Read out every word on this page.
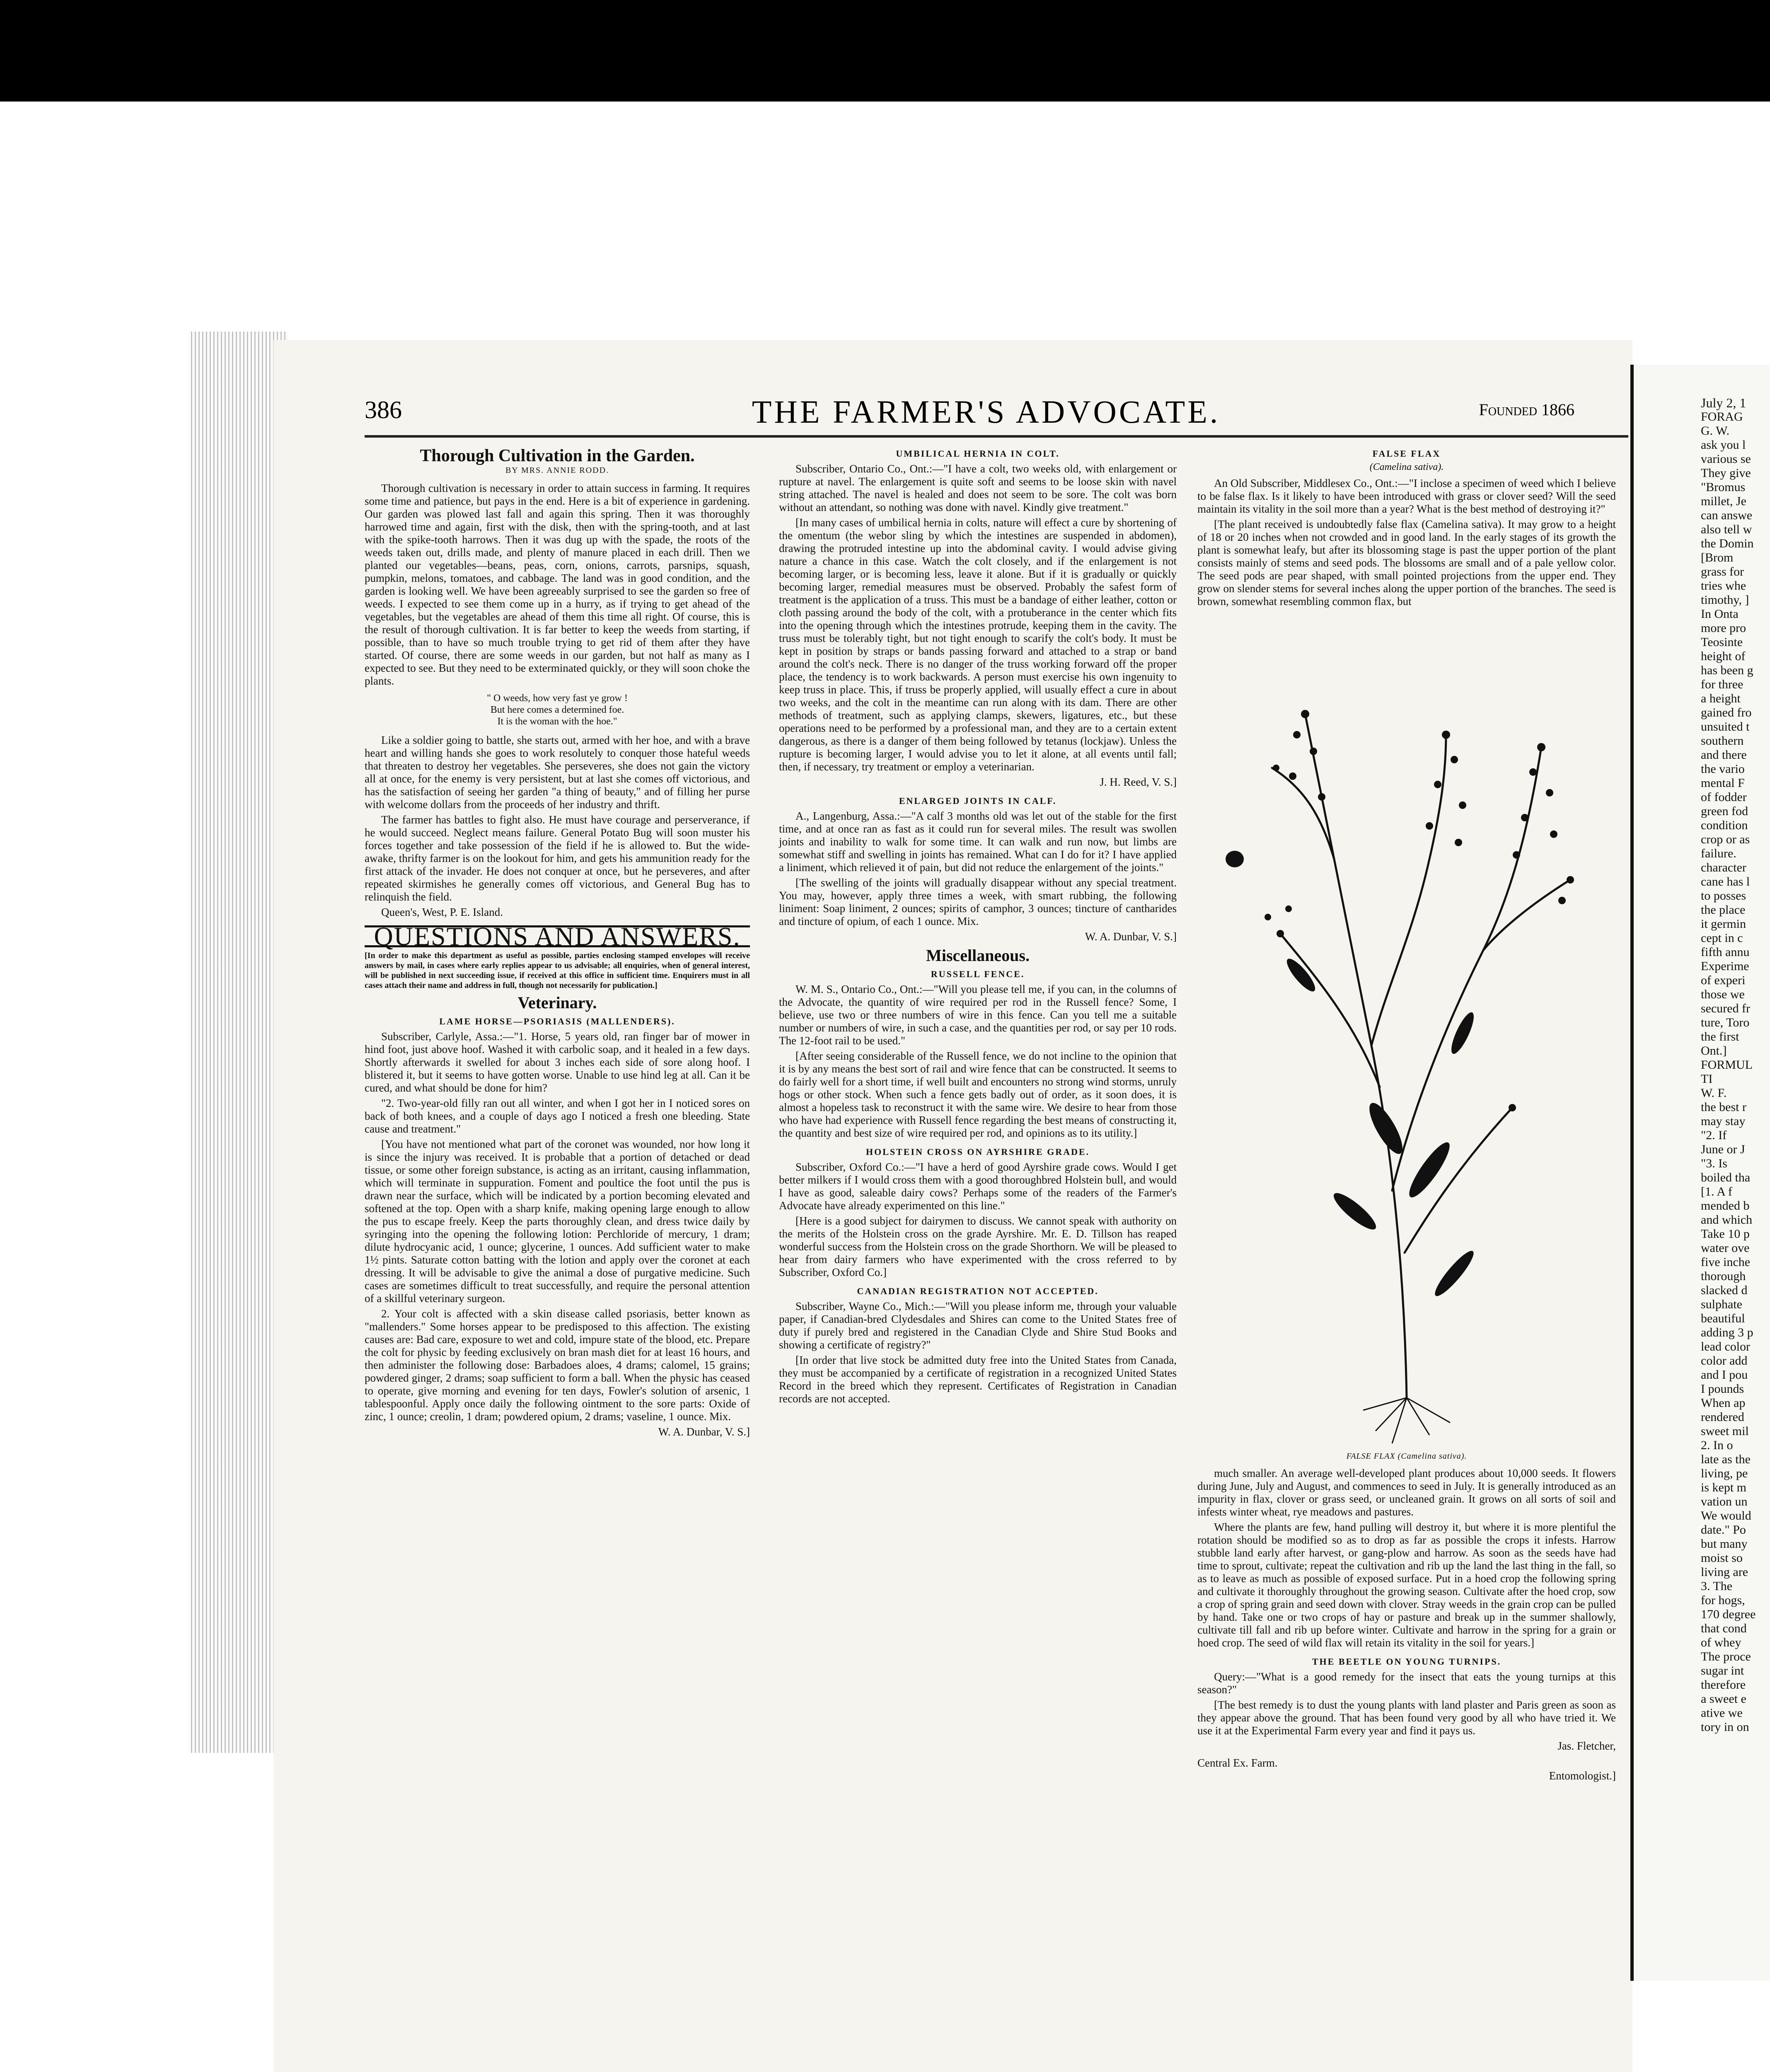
386	THE FARMER'S ADVOCATE.	Founded 1866
Thorough Cultivation in the Garden.
BY MRS. ANNIE RODD.

Thorough cultivation is necessary in order to attain success in farming. It requires some time and patience, but pays in the end. Here is a bit of experience in gardening. Our garden was plowed last fall and again this spring. Then it was thoroughly harrowed time and again, first with the disk, then with the spring-tooth, and at last with the spike-tooth harrows. Then it was dug up with the spade, the roots of the weeds taken out, drills made, and plenty of manure placed in each drill. Then we planted our vegetables—beans, peas, corn, onions, carrots, parsnips, squash, pumpkin, melons, tomatoes, and cabbage. The land was in good condition, and the garden is looking well. We have been agreeably surprised to see the garden so free of weeds. I expected to see them come up in a hurry, as if trying to get ahead of the vegetables, but the vegetables are ahead of them this time all right. Of course, this is the result of thorough cultivation. It is far better to keep the weeds from starting, if possible, than to have so much trouble trying to get rid of them after they have started. Of course, there are some weeds in our garden, but not half as many as I expected to see. But they need to be exterminated quickly, or they will soon choke the plants.

" O weeds, how very fast ye grow !
But here comes a determined foe.
It is the woman with the hoe."

Like a soldier going to battle, she starts out, armed with her hoe, and with a brave heart and willing hands she goes to work resolutely to conquer those hateful weeds that threaten to destroy her vegetables. She perseveres, she does not gain the victory all at once, for the enemy is very persistent, but at last she comes off victorious, and has the satisfaction of seeing her garden "a thing of beauty," and of filling her purse with welcome dollars from the proceeds of her industry and thrift.

The farmer has battles to fight also. He must have courage and perserverance, if he would succeed. Neglect means failure. General Potato Bug will soon muster his forces together and take possession of the field if he is allowed to. But the wide-awake, thrifty farmer is on the lookout for him, and gets his ammunition ready for the first attack of the invader. He does not conquer at once, but he perseveres, and after repeated skirmishes he generally comes off victorious, and General Bug has to relinquish the field.

Queen's, West, P. E. Island.

QUESTIONS AND ANSWERS.
[In order to make this department as useful as possible, parties enclosing stamped envelopes will receive answers by mail, in cases where early replies appear to us advisable; all enquiries, when of general interest, will be published in next succeeding issue, if received at this office in sufficient time. Enquirers must in all cases attach their name and address in full, though not necessarily for publication.]
Veterinary.
LAME HORSE—PSORIASIS (MALLENDERS).

Subscriber, Carlyle, Assa.:—"1. Horse, 5 years old, ran finger bar of mower in hind foot, just above hoof. Washed it with carbolic soap, and it healed in a few days. Shortly afterwards it swelled for about 3 inches each side of sore along hoof. I blistered it, but it seems to have gotten worse. Unable to use hind leg at all. Can it be cured, and what should be done for him?

"2. Two-year-old filly ran out all winter, and when I got her in I noticed sores on back of both knees, and a couple of days ago I noticed a fresh one bleeding. State cause and treatment."

[You have not mentioned what part of the coronet was wounded, nor how long it is since the injury was received. It is probable that a portion of detached or dead tissue, or some other foreign substance, is acting as an irritant, causing inflammation, which will terminate in suppuration. Foment and poultice the foot until the pus is drawn near the surface, which will be indicated by a portion becoming elevated and softened at the top. Open with a sharp knife, making opening large enough to allow the pus to escape freely. Keep the parts thoroughly clean, and dress twice daily by syringing into the opening the following lotion: Perchloride of mercury, 1 dram; dilute hydrocyanic acid, 1 ounce; glycerine, 1 ounces. Add sufficient water to make 1½ pints. Saturate cotton batting with the lotion and apply over the coronet at each dressing. It will be advisable to give the animal a dose of purgative medicine. Such cases are sometimes difficult to treat successfully, and require the personal attention of a skillful veterinary surgeon.

2. Your colt is affected with a skin disease called psoriasis, better known as "mallenders." Some horses appear to be predisposed to this affection. The existing causes are: Bad care, exposure to wet and cold, impure state of the blood, etc. Prepare the colt for physic by feeding exclusively on bran mash diet for at least 16 hours, and then administer the following dose: Barbadoes aloes, 4 drams; calomel, 15 grains; powdered ginger, 2 drams; soap sufficient to form a ball. When the physic has ceased to operate, give morning and evening for ten days, Fowler's solution of arsenic, 1 tablespoonful. Apply once daily the following ointment to the sore parts: Oxide of zinc, 1 ounce; creolin, 1 dram; powdered opium, 2 drams; vaseline, 1 ounce. Mix.

W. A. Dunbar, V. S.]
UMBILICAL HERNIA IN COLT.

Subscriber, Ontario Co., Ont.:—"I have a colt, two weeks old, with enlargement or rupture at navel. The enlargement is quite soft and seems to be loose skin with navel string attached. The navel is healed and does not seem to be sore. The colt was born without an attendant, so nothing was done with navel. Kindly give treatment."

[In many cases of umbilical hernia in colts, nature will effect a cure by shortening of the omentum (the webor sling by which the intestines are suspended in abdomen), drawing the protruded intestine up into the abdominal cavity. I would advise giving nature a chance in this case. Watch the colt closely, and if the enlargement is not becoming larger, or is becoming less, leave it alone. But if it is gradually or quickly becoming larger, remedial measures must be observed. Probably the safest form of treatment is the application of a truss. This must be a bandage of either leather, cotton or cloth passing around the body of the colt, with a protuberance in the center which fits into the opening through which the intestines protrude, keeping them in the cavity. The truss must be tolerably tight, but not tight enough to scarify the colt's body. It must be kept in position by straps or bands passing forward and attached to a strap or band around the colt's neck. There is no danger of the truss working forward off the proper place, the tendency is to work backwards. A person must exercise his own ingenuity to keep truss in place. This, if truss be properly applied, will usually effect a cure in about two weeks, and the colt in the meantime can run along with its dam. There are other methods of treatment, such as applying clamps, skewers, ligatures, etc., but these operations need to be performed by a professional man, and they are to a certain extent dangerous, as there is a danger of them being followed by tetanus (lockjaw). Unless the rupture is becoming larger, I would advise you to let it alone, at all events until fall; then, if necessary, try treatment or employ a veterinarian.

J. H. Reed, V. S.]
ENLARGED JOINTS IN CALF.

A., Langenburg, Assa.:—"A calf 3 months old was let out of the stable for the first time, and at once ran as fast as it could run for several miles. The result was swollen joints and inability to walk for some time. It can walk and run now, but limbs are somewhat stiff and swelling in joints has remained. What can I do for it? I have applied a liniment, which relieved it of pain, but did not reduce the enlargement of the joints."

[The swelling of the joints will gradually disappear without any special treatment. You may, however, apply three times a week, with smart rubbing, the following liniment: Soap liniment, 2 ounces; spirits of camphor, 3 ounces; tincture of cantharides and tincture of opium, of each 1 ounce. Mix.

W. A. Dunbar, V. S.]
Miscellaneous.
RUSSELL FENCE.

W. M. S., Ontario Co., Ont.:—"Will you please tell me, if you can, in the columns of the Advocate, the quantity of wire required per rod in the Russell fence? Some, I believe, use two or three numbers of wire in this fence. Can you tell me a suitable number or numbers of wire, in such a case, and the quantities per rod, or say per 10 rods. The 12-foot rail to be used."

[After seeing considerable of the Russell fence, we do not incline to the opinion that it is by any means the best sort of rail and wire fence that can be constructed. It seems to do fairly well for a short time, if well built and encounters no strong wind storms, unruly hogs or other stock. When such a fence gets badly out of order, as it soon does, it is almost a hopeless task to reconstruct it with the same wire. We desire to hear from those who have had experience with Russell fence regarding the best means of constructing it, the quantity and best size of wire required per rod, and opinions as to its utility.]

HOLSTEIN CROSS ON AYRSHIRE GRADE.

Subscriber, Oxford Co.:—"I have a herd of good Ayrshire grade cows. Would I get better milkers if I would cross them with a good thoroughbred Holstein bull, and would I have as good, saleable dairy cows? Perhaps some of the readers of the Farmer's Advocate have already experimented on this line."

[Here is a good subject for dairymen to discuss. We cannot speak with authority on the merits of the Holstein cross on the grade Ayrshire. Mr. E. D. Tillson has reaped wonderful success from the Holstein cross on the grade Shorthorn. We will be pleased to hear from dairy farmers who have experimented with the cross referred to by Subscriber, Oxford Co.]

CANADIAN REGISTRATION NOT ACCEPTED.

Subscriber, Wayne Co., Mich.:—"Will you please inform me, through your valuable paper, if Canadian-bred Clydesdales and Shires can come to the United States free of duty if purely bred and registered in the Canadian Clyde and Shire Stud Books and showing a certificate of registry?"

[In order that live stock be admitted duty free into the United States from Canada, they must be accompanied by a certificate of registration in a recognized United States Record in the breed which they represent. Certificates of Registration in Canadian records are not accepted.

FALSE FLAX
(Camelina sativa).

An Old Subscriber, Middlesex Co., Ont.:—"I inclose a specimen of weed which I believe to be false flax. Is it likely to have been introduced with grass or clover seed? Will the seed maintain its vitality in the soil more than a year? What is the best method of destroying it?"

[The plant received is undoubtedly false flax (Camelina sativa). It may grow to a height of 18 or 20 inches when not crowded and in good land. In the early stages of its growth the plant is somewhat leafy, but after its blossoming stage is past the upper portion of the plant consists mainly of stems and seed pods. The blossoms are small and of a pale yellow color. The seed pods are pear shaped, with small pointed projections from the upper end. They grow on slender stems for several inches along the upper portion of the branches. The seed is brown, somewhat resembling common flax, but

FALSE FLAX (Camelina sativa).

much smaller. An average well-developed plant produces about 10,000 seeds. It flowers during June, July and August, and commences to seed in July. It is generally introduced as an impurity in flax, clover or grass seed, or uncleaned grain. It grows on all sorts of soil and infests winter wheat, rye meadows and pastures.

Where the plants are few, hand pulling will destroy it, but where it is more plentiful the rotation should be modified so as to drop as far as possible the crops it infests. Harrow stubble land early after harvest, or gang-plow and harrow. As soon as the seeds have had time to sprout, cultivate; repeat the cultivation and rib up the land the last thing in the fall, so as to leave as much as possible of exposed surface. Put in a hoed crop the following spring and cultivate it thoroughly throughout the growing season. Cultivate after the hoed crop, sow a crop of spring grain and seed down with clover. Stray weeds in the grain crop can be pulled by hand. Take one or two crops of hay or pasture and break up in the summer shallowly, cultivate till fall and rib up before winter. Cultivate and harrow in the spring for a grain or hoed crop. The seed of wild flax will retain its vitality in the soil for years.]

THE BEETLE ON YOUNG TURNIPS.

Query:—"What is a good remedy for the insect that eats the young turnips at this season?"

[The best remedy is to dust the young plants with land plaster and Paris green as soon as they appear above the ground. That has been found very good by all who have tried it. We use it at the Experimental Farm every year and find it pays us.

Jas. Fletcher,
Central Ex. Farm.
Entomologist.]
July 2, 1
FORAG
G. W.
ask you l
various se
They give
"Bromus
millet, Je
can answe
also tell w
the Domin
[Brom
grass for
tries whe
timothy, ]
In Onta
more pro
Teosinte
height of
has been g
for three
a height
gained fro
unsuited t
southern
and there
the vario
mental F
of fodder
green fod
condition
crop or as
failure.
character
cane has l
to posses
the place
it germin
cept in c
fifth annu
Experime
of experi
those we
secured fr
ture, Toro
the first
Ont.]
FORMUL
TI
W. F.
the best r
may stay
"2. If
June or J
"3. Is
boiled tha
[1. A f
mended b
and which
Take 10 p
water ove
five inche
thorough
slacked d
sulphate
beautiful
adding 3 p
lead color
color add
and I pou
I pounds
When ap
rendered
sweet mil
2. In o
late as the
living, pe
is kept m
vation un
We would
date." Po
but many
moist so
living are
3. The
for hogs,
170 degree
that cond
of whey
The proce
sugar int
therefore
a sweet e
ative we
tory in on
